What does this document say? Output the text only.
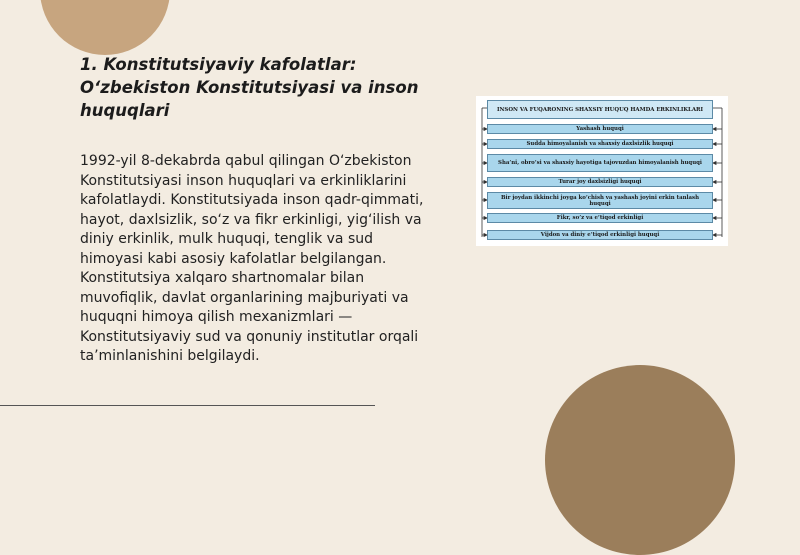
1. Konstitutsiyaviy kafolatlar: O‘zbekiston Konstitutsiyasi va inson huquqlari

1992-yil 8-dekabrda qabul qilingan O‘zbekiston Konstitutsiyasi inson huquqlari va erkinliklarini kafolatlaydi. Konstitutsiyada inson qadr-qimmati, hayot, daxlsizlik, so‘z va fikr erkinligi, yig‘ilish va diniy erkinlik, mulk huquqi, tenglik va sud himoyasi kabi asosiy kafolatlar belgilangan. Konstitutsiya xalqaro shartnomalar bilan muvofiqlik, davlat organlarining majburiyati va huquqni himoya qilish mexanizmlari — Konstitutsiyaviy sud va qonuniy institutlar orqali ta’minlanishini belgilaydi.

INSON VA FUQARONING SHAXSIY HUQUQ HAMDA ERKINLIKLARI
Yashash huquqi
Sudda himoyalanish va shaxsiy daxlsizlik huquqi
Sha’ni, obro’si va shaxsiy hayotiga tajovuzdan himoyalanish huquqi
Turar joy daxlsizligi huquqi
Bir joydan ikkinchi joyga ko’chish va yashash joyini erkin tanlash huquqi
Fikr, so’z va e’tiqod erkinligi
Vijdon va diniy e’tiqod erkinligi huquqi
